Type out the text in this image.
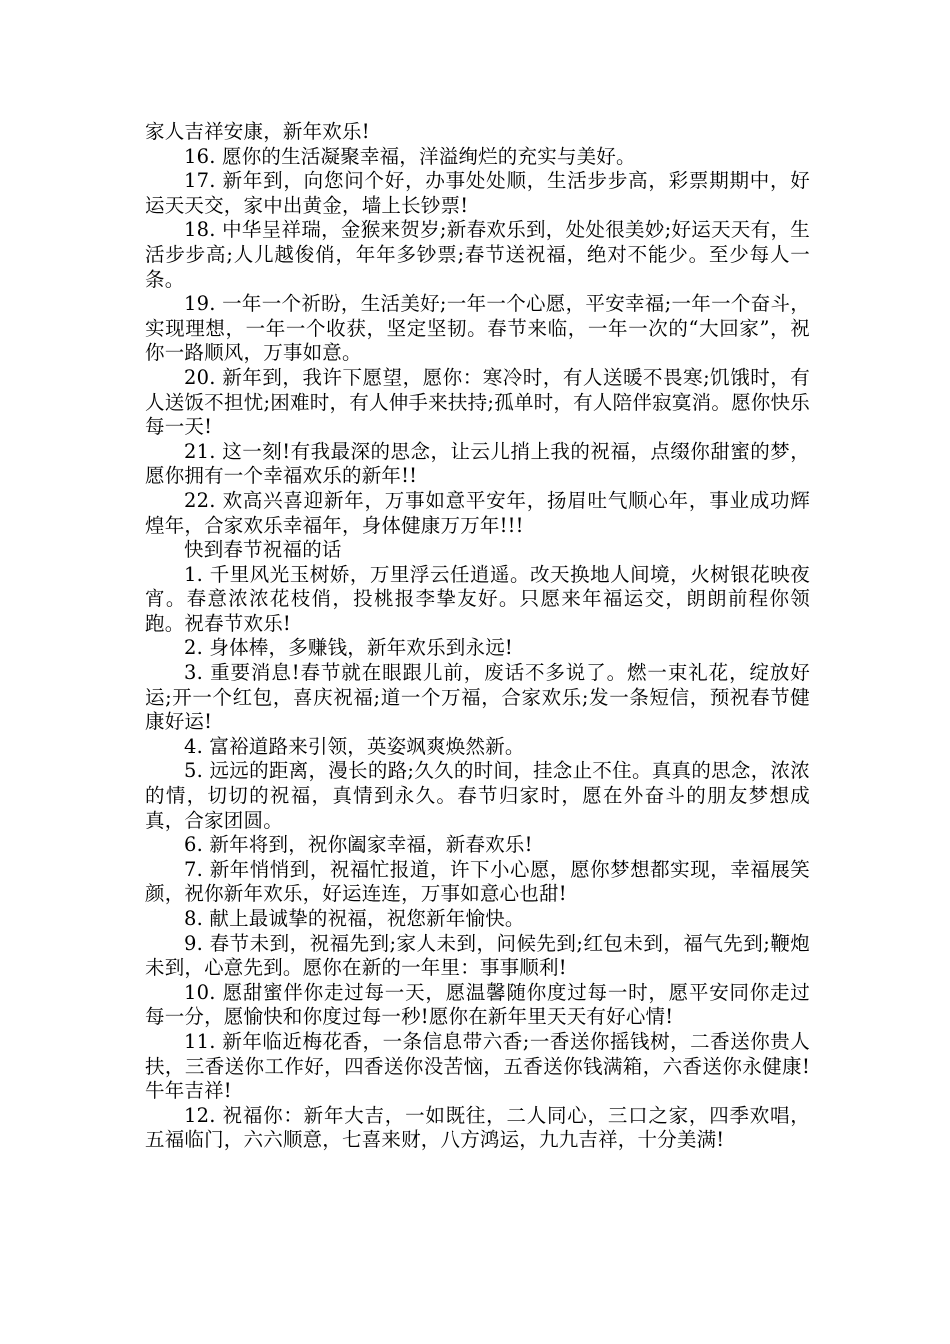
家人吉祥安康，新年欢乐!

16. 愿你的生活凝聚幸福，洋溢绚烂的充实与美好。

17. 新年到，向您问个好，办事处处顺，生活步步高，彩票期期中，好运天天交，家中出黄金，墙上长钞票!

18. 中华呈祥瑞，金猴来贺岁;新春欢乐到，处处很美妙;好运天天有，生活步步高;人儿越俊俏，年年多钞票;春节送祝福，绝对不能少。至少每人一条。

19. 一年一个祈盼，生活美好;一年一个心愿，平安幸福;一年一个奋斗，实现理想，一年一个收获，坚定坚韧。春节来临，一年一次的“大回家”，祝你一路顺风，万事如意。

20. 新年到，我许下愿望，愿你：寒冷时，有人送暖不畏寒;饥饿时，有人送饭不担忧;困难时，有人伸手来扶持;孤单时，有人陪伴寂寞消。愿你快乐每一天!

21. 这一刻!有我最深的思念，让云儿捎上我的祝福，点缀你甜蜜的梦，愿你拥有一个幸福欢乐的新年!!

22. 欢高兴喜迎新年，万事如意平安年，扬眉吐气顺心年，事业成功辉煌年，合家欢乐幸福年，身体健康万万年!!!

快到春节祝福的话

1. 千里风光玉树娇，万里浮云任逍遥。改天换地人间境，火树银花映夜宵。春意浓浓花枝俏，投桃报李挚友好。只愿来年福运交，朗朗前程你领跑。祝春节欢乐!

2. 身体棒，多赚钱，新年欢乐到永远!

3. 重要消息!春节就在眼跟儿前，废话不多说了。燃一束礼花，绽放好运;开一个红包，喜庆祝福;道一个万福，合家欢乐;发一条短信，预祝春节健康好运!

4. 富裕道路来引领，英姿飒爽焕然新。

5. 远远的距离，漫长的路;久久的时间，挂念止不住。真真的思念，浓浓的情，切切的祝福，真情到永久。春节归家时，愿在外奋斗的朋友梦想成真，合家团圆。

6. 新年将到，祝你阖家幸福，新春欢乐!

7. 新年悄悄到，祝福忙报道，许下小心愿，愿你梦想都实现，幸福展笑颜，祝你新年欢乐，好运连连，万事如意心也甜!

8. 献上最诚挚的祝福，祝您新年愉快。

9. 春节未到，祝福先到;家人未到，问候先到;红包未到，福气先到;鞭炮未到，心意先到。愿你在新的一年里：事事顺利!

10. 愿甜蜜伴你走过每一天，愿温馨随你度过每一时，愿平安同你走过每一分，愿愉快和你度过每一秒!愿你在新年里天天有好心情!

11. 新年临近梅花香，一条信息带六香;一香送你摇钱树，二香送你贵人扶，三香送你工作好，四香送你没苦恼，五香送你钱满箱，六香送你永健康!牛年吉祥!

12. 祝福你：新年大吉，一如既往，二人同心，三口之家，四季欢唱，五福临门，六六顺意，七喜来财，八方鸿运，九九吉祥，十分美满!
